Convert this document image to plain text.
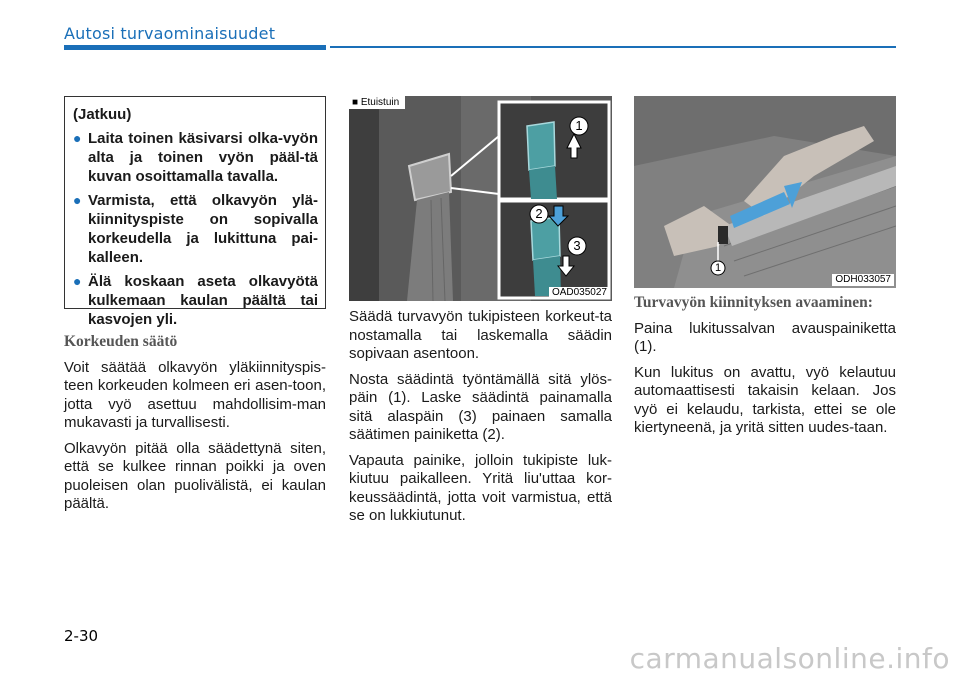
Autosi turvaominaisuudet
(Jatkuu)
● Laita toinen käsivarsi olka-vyön alta ja toinen vyön pääl-tä kuvan osoittamalla tavalla.
● Varmista, että olkavyön ylä-kiinnityspiste on sopivalla korkeudella ja lukittuna pai-kalleen.
● Älä koskaan aseta olkavyötä kulkemaan kaulan päältä tai kasvojen yli.
Korkeuden säätö

Voit säätää olkavyön yläkiinnityspis-teen korkeuden kolmeen eri asen-toon, jotta vyö asettuu mahdollisim-man mukavasti ja turvallisesti.

Olkavyön pitää olla säädettynä siten, että se kulkee rinnan poikki ja oven puoleisen olan puolivälistä, ei kaulan päältä.

1
2
3
■ Etuistuin
OAD035027

Säädä turvavyön tukipisteen korkeut-ta nostamalla tai laskemalla säädin sopivaan asentoon.

Nosta säädintä työntämällä sitä ylös-päin (1). Laske säädintä painamalla sitä alaspäin (3) painaen samalla säätimen painiketta (2).

Vapauta painike, jolloin tukipiste luk-kiutuu paikalleen. Yritä liu'uttaa kor-keussäädintä, jotta voit varmistua, että se on lukkiutunut.

1
ODH033057
Turvavyön kiinnityksen avaaminen:

Paina lukitussalvan avauspainiketta (1).

Kun lukitus on avattu, vyö kelautuu automaattisesti takaisin kelaan. Jos vyö ei kelaudu, tarkista, ettei se ole kiertyneenä, ja yritä sitten uudes-taan.

2-30
carmanualsonline.info
